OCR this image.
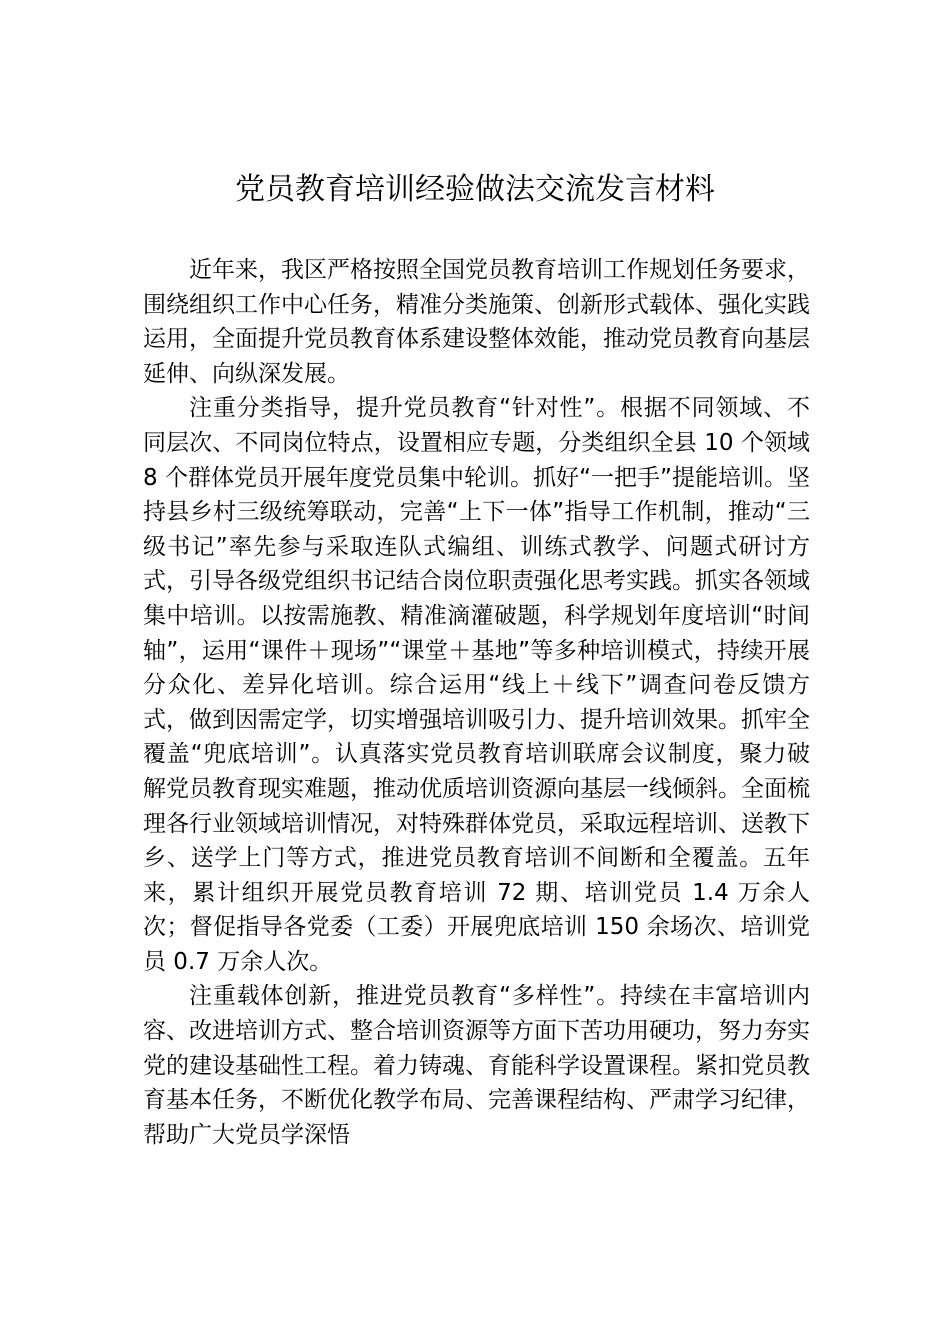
党员教育培训经验做法交流发言材料

近年来，我区严格按照全国党员教育培训工作规划任务要求，围绕组织工作中心任务，精准分类施策、创新形式载体、强化实践运用，全面提升党员教育体系建设整体效能，推动党员教育向基层延伸、向纵深发展。

注重分类指导，提升党员教育“针对性”。根据不同领域、不同层次、不同岗位特点，设置相应专题，分类组织全县 10 个领域 8 个群体党员开展年度党员集中轮训。抓好“一把手”提能培训。坚持县乡村三级统筹联动，完善“上下一体”指导工作机制，推动“三级书记”率先参与采取连队式编组、训练式教学、问题式研讨方式，引导各级党组织书记结合岗位职责强化思考实践。抓实各领域集中培训。以按需施教、精准滴灌破题，科学规划年度培训“时间轴”，运用“课件＋现场”“课堂＋基地”等多种培训模式，持续开展分众化、差异化培训。综合运用“线上＋线下”调查问卷反馈方式，做到因需定学，切实增强培训吸引力、提升培训效果。抓牢全覆盖“兜底培训”。认真落实党员教育培训联席会议制度，聚力破解党员教育现实难题，推动优质培训资源向基层一线倾斜。全面梳理各行业领域培训情况，对特殊群体党员，采取远程培训、送教下乡、送学上门等方式，推进党员教育培训不间断和全覆盖。五年来，累计组织开展党员教育培训 72 期、培训党员 1.4 万余人次；督促指导各党委（工委）开展兜底培训 150 余场次、培训党员 0.7 万余人次。

注重载体创新，推进党员教育“多样性”。持续在丰富培训内容、改进培训方式、整合培训资源等方面下苦功用硬功，努力夯实党的建设基础性工程。着力铸魂、育能科学设置课程。紧扣党员教育基本任务，不断优化教学布局、完善课程结构、严肃学习纪律，帮助广大党员学深悟
